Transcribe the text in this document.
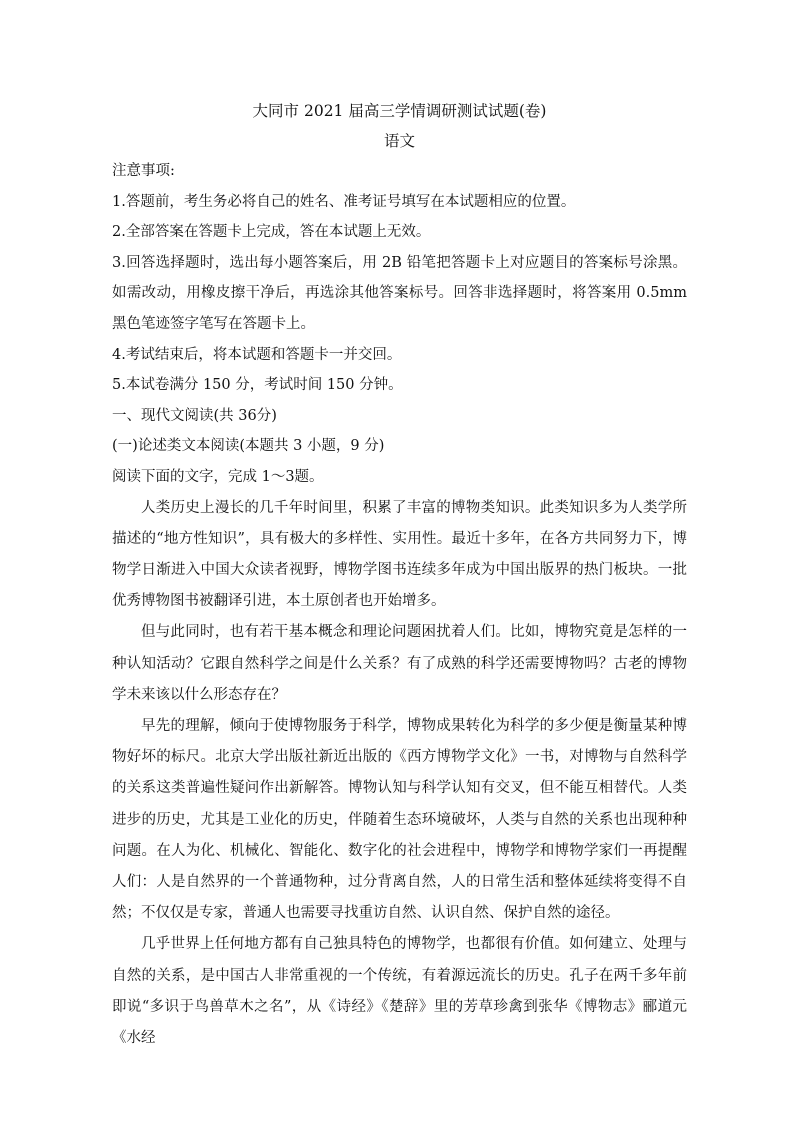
大同市 2021 届高三学情调研测试试题(卷)
语文

注意事项:

1.答题前，考生务必将自己的姓名、准考证号填写在本试题相应的位置。

2.全部答案在答题卡上完成，答在本试题上无效。

3.回答选择题时，选出每小题答案后，用 2B 铅笔把答题卡上对应题目的答案标号涂黑。如需改动，用橡皮擦干净后，再选涂其他答案标号。回答非选择题时，将答案用 0.5mm 黑色笔迹签字笔写在答题卡上。

4.考试结束后，将本试题和答题卡一并交回。

5.本试卷满分 150 分，考试时间 150 分钟。

一、现代文阅读(共 36分)

(一)论述类文本阅读(本题共 3 小题，9 分)

阅读下面的文字，完成 1～3题。

人类历史上漫长的几千年时间里，积累了丰富的博物类知识。此类知识多为人类学所描述的“地方性知识”，具有极大的多样性、实用性。最近十多年，在各方共同努力下，博物学日渐进入中国大众读者视野，博物学图书连续多年成为中国出版界的热门板块。一批优秀博物图书被翻译引进，本土原创者也开始增多。

但与此同时，也有若干基本概念和理论问题困扰着人们。比如，博物究竟是怎样的一种认知活动？它跟自然科学之间是什么关系？有了成熟的科学还需要博物吗？古老的博物学未来该以什么形态存在？

早先的理解，倾向于使博物服务于科学，博物成果转化为科学的多少便是衡量某种博物好坏的标尺。北京大学出版社新近出版的《西方博物学文化》一书，对博物与自然科学的关系这类普遍性疑问作出新解答。博物认知与科学认知有交叉，但不能互相替代。人类进步的历史，尤其是工业化的历史，伴随着生态环境破坏，人类与自然的关系也出现种种问题。在人为化、机械化、智能化、数字化的社会进程中，博物学和博物学家们一再提醒人们：人是自然界的一个普通物种，过分背离自然，人的日常生活和整体延续将变得不自然；不仅仅是专家，普通人也需要寻找重访自然、认识自然、保护自然的途径。

几乎世界上任何地方都有自己独具特色的博物学，也都很有价值。如何建立、处理与自然的关系，是中国古人非常重视的一个传统，有着源远流长的历史。孔子在两千多年前即说“多识于鸟兽草木之名”，从《诗经》《楚辞》里的芳草珍禽到张华《博物志》郦道元《水经
